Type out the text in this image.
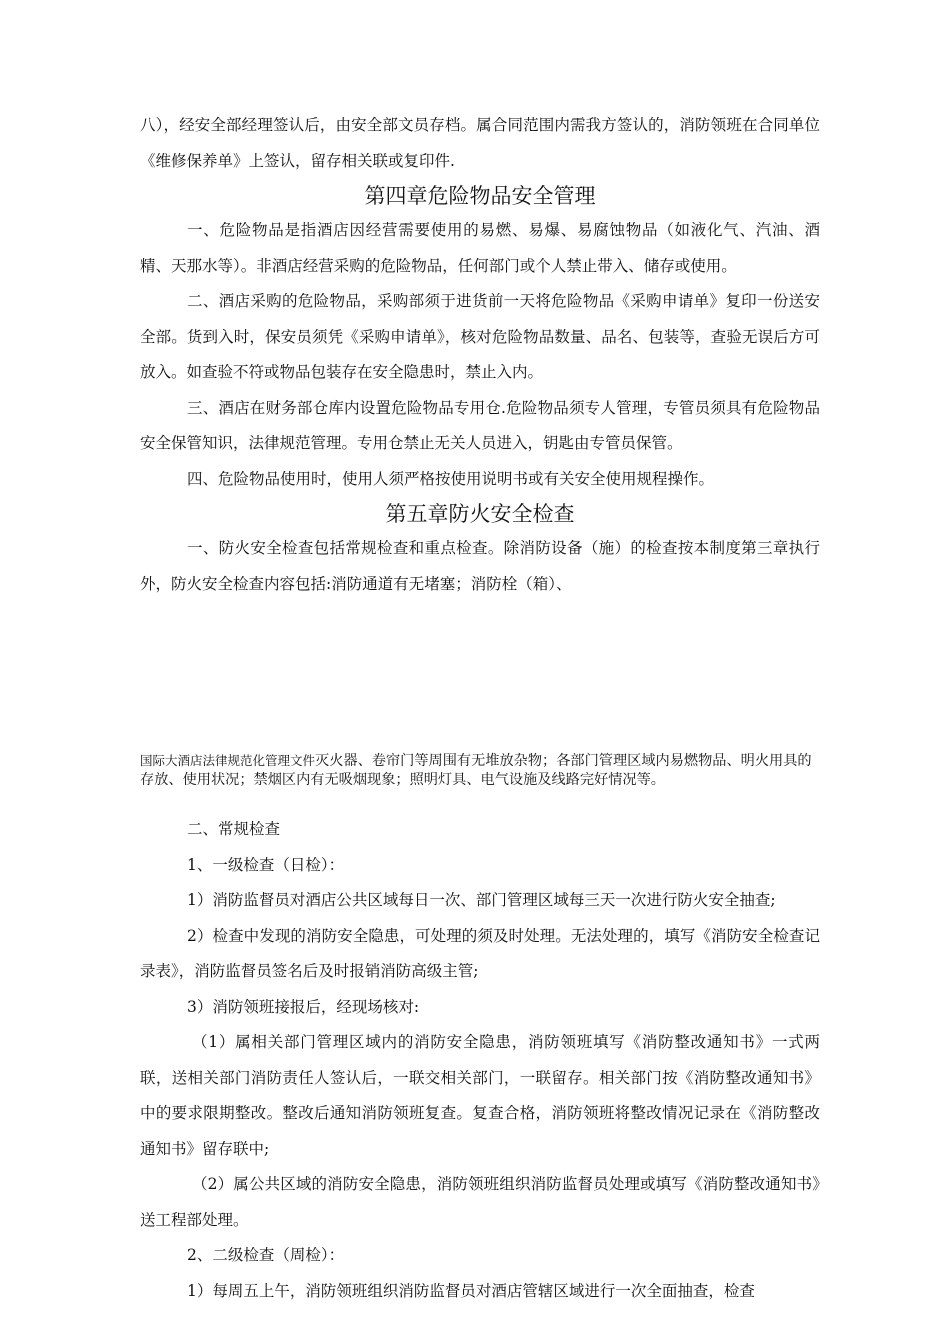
八），经安全部经理签认后，由安全部文员存档。属合同范围内需我方签认的，消防领班在合同单位《维修保养单》上签认，留存相关联或复印件.

第四章危险物品安全管理

一、危险物品是指酒店因经营需要使用的易燃、易爆、易腐蚀物品（如液化气、汽油、酒精、天那水等）。非酒店经营采购的危险物品，任何部门或个人禁止带入、储存或使用。

二、酒店采购的危险物品，采购部须于进货前一天将危险物品《采购申请单》复印一份送安全部。货到入时，保安员须凭《采购申请单》，核对危险物品数量、品名、包装等，查验无误后方可放入。如查验不符或物品包装存在安全隐患时，禁止入内。

三、酒店在财务部仓库内设置危险物品专用仓.危险物品须专人管理，专管员须具有危险物品安全保管知识，法律规范管理。专用仓禁止无关人员进入，钥匙由专管员保管。

四、危险物品使用时，使用人须严格按使用说明书或有关安全使用规程操作。

第五章防火安全检查

一、防火安全检查包括常规检查和重点检查。除消防设备（施）的检查按本制度第三章执行外，防火安全检查内容包括:消防通道有无堵塞；消防栓（箱）、

国际大酒店法律规范化管理文件灭火器、卷帘门等周围有无堆放杂物；各部门管理区域内易燃物品、明火用具的存放、使用状况；禁烟区内有无吸烟现象；照明灯具、电气设施及线路完好情况等。

二、常规检查

1、一级检查（日检）：

1）消防监督员对酒店公共区域每日一次、部门管理区域每三天一次进行防火安全抽查;

2）检查中发现的消防安全隐患，可处理的须及时处理。无法处理的，填写《消防安全检查记录表》，消防监督员签名后及时报销消防高级主管;

3）消防领班接报后，经现场核对:

（1）属相关部门管理区域内的消防安全隐患，消防领班填写《消防整改通知书》一式两联，送相关部门消防责任人签认后，一联交相关部门，一联留存。相关部门按《消防整改通知书》中的要求限期整改。整改后通知消防领班复查。复查合格，消防领班将整改情况记录在《消防整改通知书》留存联中;

（2）属公共区域的消防安全隐患，消防领班组织消防监督员处理或填写《消防整改通知书》送工程部处理。

2、二级检查（周检）：

1）每周五上午，消防领班组织消防监督员对酒店管辖区域进行一次全面抽查，检查
